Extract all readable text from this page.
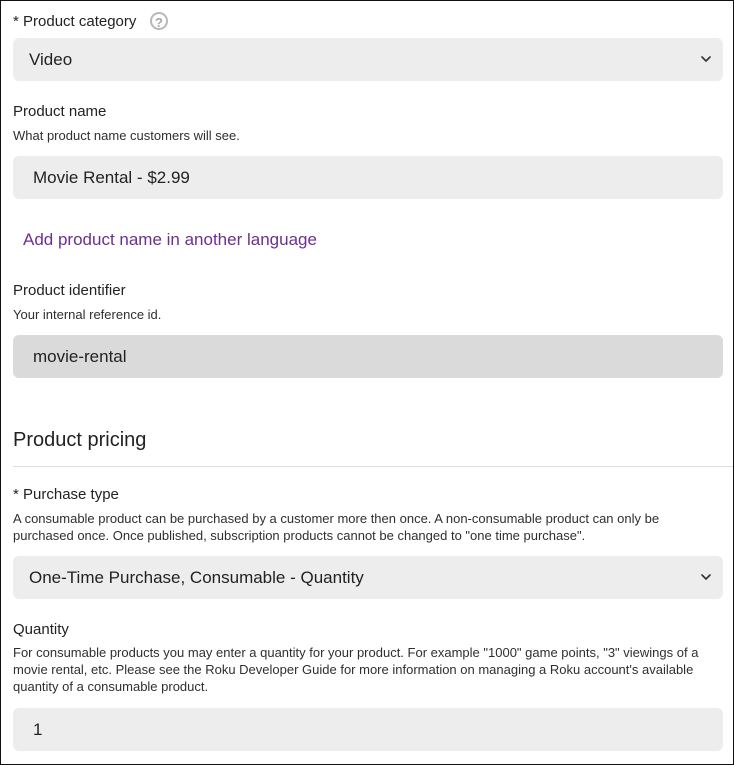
* Product category	?
Video
Product name
What product name customers will see.
Movie Rental - $2.99
Add product name in another language
Product identifier
Your internal reference id.
movie-rental
Product pricing
* Purchase type
A consumable product can be purchased by a customer more then once. A non-consumable product can only be purchased once. Once published, subscription products cannot be changed to "one time purchase".
One-Time Purchase, Consumable - Quantity
Quantity
For consumable products you may enter a quantity for your product. For example "1000" game points, "3" viewings of a movie rental, etc. Please see the Roku Developer Guide for more information on managing a Roku account's available quantity of a consumable product.
1
